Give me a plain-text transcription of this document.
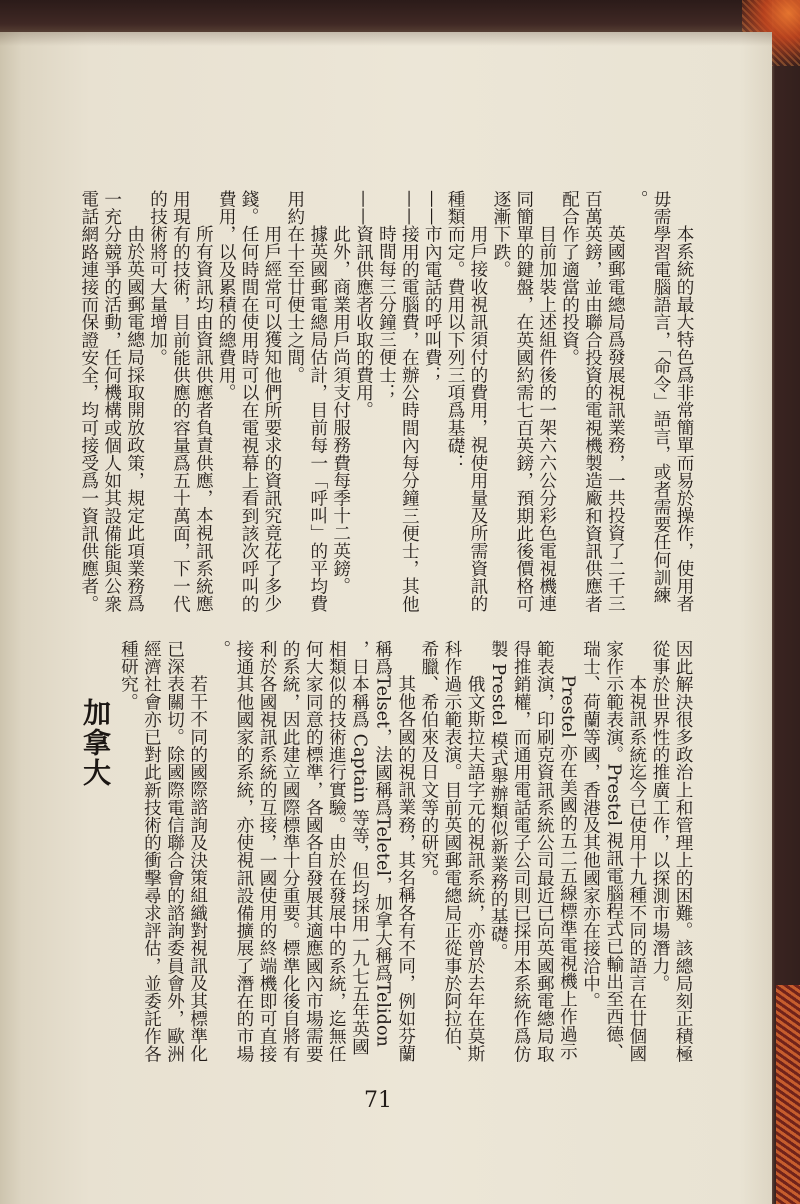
本系統的最大特色爲非常簡單而易於操作，使用者
毋需學習電腦語言，「命令」語言，或者需要任何訓練
。
英國郵電總局爲發展視訊業務，一共投資了二千三
百萬英鎊，並由聯合投資的電視機製造廠和資訊供應者
配合作了適當的投資。
目前加裝上述組件後的一架六六公分彩色電視機連
同簡單的鍵盤，在英國約需七百英鎊，預期此後價格可
逐漸下跌。
用戶接收視訊須付的費用，視使用量及所需資訊的
種類而定。費用以下列三項爲基礎：
——市內電話的呼叫費；
——接用的電腦費，在辦公時間內每分鐘三便士，其他
時間每三分鐘三便士；
——資訊供應者收取的費用。
此外，商業用戶尚須支付服務費每季十二英鎊。
據英國郵電總局估計，目前每一「呼叫」的平均費
用約在十至廿便士之間。
用戶經常可以獲知他們所要求的資訊究竟花了多少
錢。任何時間在使用時可以在電視幕上看到該次呼叫的
費用，以及累積的總費用。
所有資訊均由資訊供應者負責供應，本視訊系統應
用現有的技術，目前能供應的容量爲五十萬面，下一代
的技術將可大量增加。
由於英國郵電總局採取開放政策，規定此項業務爲
一充分競爭的活動，任何機構或個人如其設備能與公衆
電話網路連接而保證安全，均可接受爲一資訊供應者。
因此解決很多政治上和管理上的困難。該總局刻正積極
從事於世界性的推廣工作，以探測市場潛力。
本視訊系統迄今已使用十九種不同的語言在廿個國
家作示範表演。Prestel 視訊電腦程式已輸出至西德、
瑞士、荷蘭等國，香港及其他國家亦在接洽中。
Prestel 亦在美國的五二五線標準電視機上作過示
範表演，印刷克資訊系統公司最近已向英國郵電總局取
得推銷權，而通用電話電子公司則已採用本系統作爲仿
製 Prestel 模式舉辦類似新業務的基礎。
俄文斯拉夫語字元的視訊系統，亦曾於去年在莫斯
科作過示範表演。目前英國郵電總局正從事於阿拉伯、
希臘、希伯來及日文等的研究。
其他各國的視訊業務，其名稱各有不同，例如芬蘭
稱爲Telset，法國稱爲Teletel，加拿大稱爲Telidon
，日本稱爲 Captain 等等，但均採用一九七五年英國
相類似的技術進行實驗。由於在發展中的系統，迄無任
何大家同意的標準，各國各自發展其適應國內市場需要
的系統，因此建立國際標準十分重要。標準化後自將有
利於各國視訊系統的互接，一國使用的終端機即可直接
接通其他國家的系統，亦使視訊設備擴展了潛在的市場
。
若干不同的國際諮詢及決策組織對視訊及其標準化
已深表關切。除國際電信聯合會的諮詢委員會外，歐洲
經濟社會亦已對此新技術的衝擊尋求評估，並委託作各
種研究。
加拿大
71
